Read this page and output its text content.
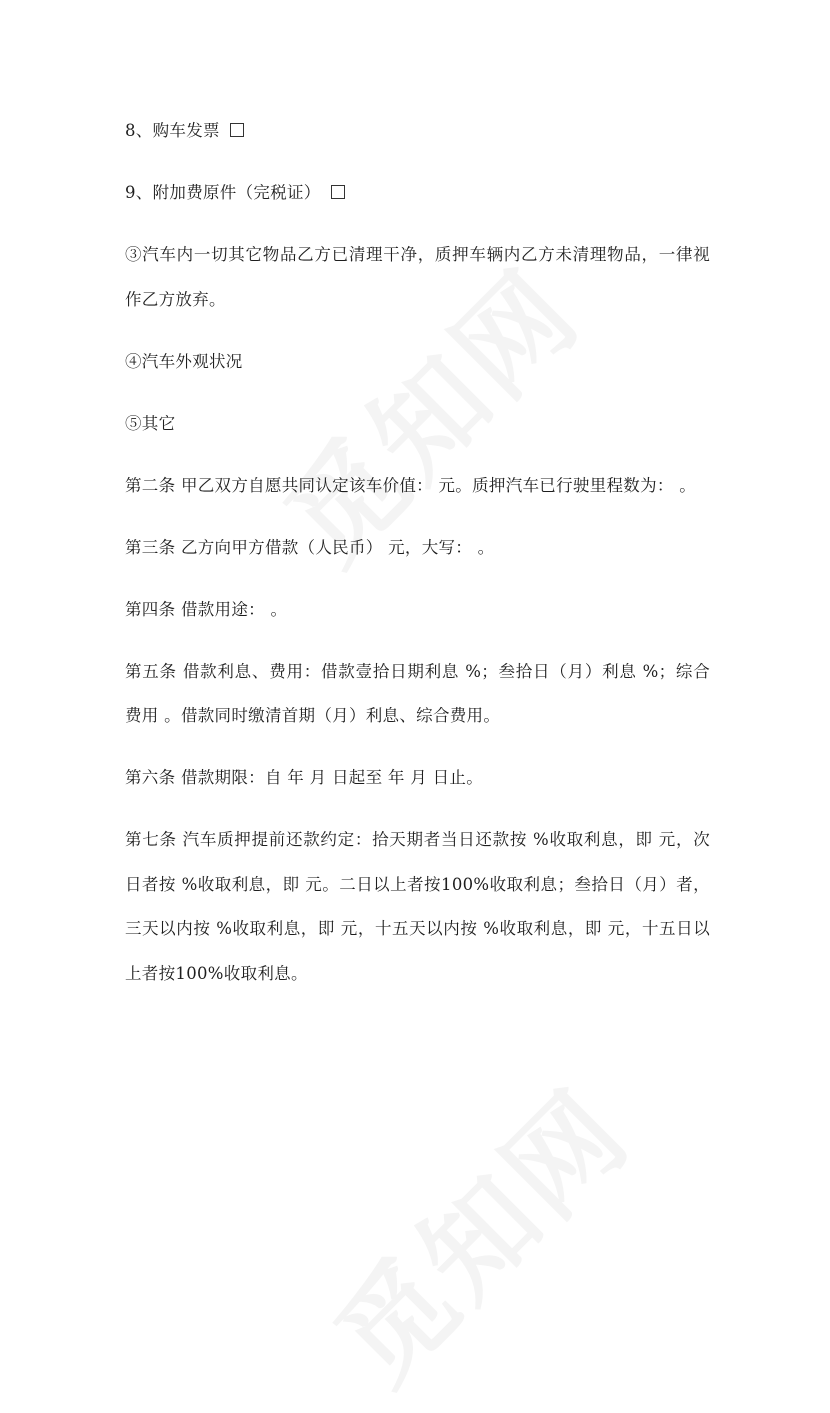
8、购车发票

9、附加费原件（完税证）

③汽车内一切其它物品乙方已清理干净，质押车辆内乙方未清理物品，一律视作乙方放弃。

④汽车外观状况

⑤其它

第二条 甲乙双方自愿共同认定该车价值： 元。质押汽车已行驶里程数为： 。

第三条 乙方向甲方借款（人民币） 元，大写： 。

第四条 借款用途： 。

第五条 借款利息、费用：借款壹拾日期利息 %；叁拾日（月）利息 %；综合费用 。借款同时缴清首期（月）利息、综合费用。

第六条 借款期限：自 年 月 日起至 年 月 日止。

第七条 汽车质押提前还款约定：拾天期者当日还款按 %收取利息，即 元，次日者按 %收取利息，即 元。二日以上者按100%收取利息；叁拾日（月）者，三天以内按 %收取利息，即 元，十五天以内按 %收取利息，即 元，十五日以上者按100%收取利息。
